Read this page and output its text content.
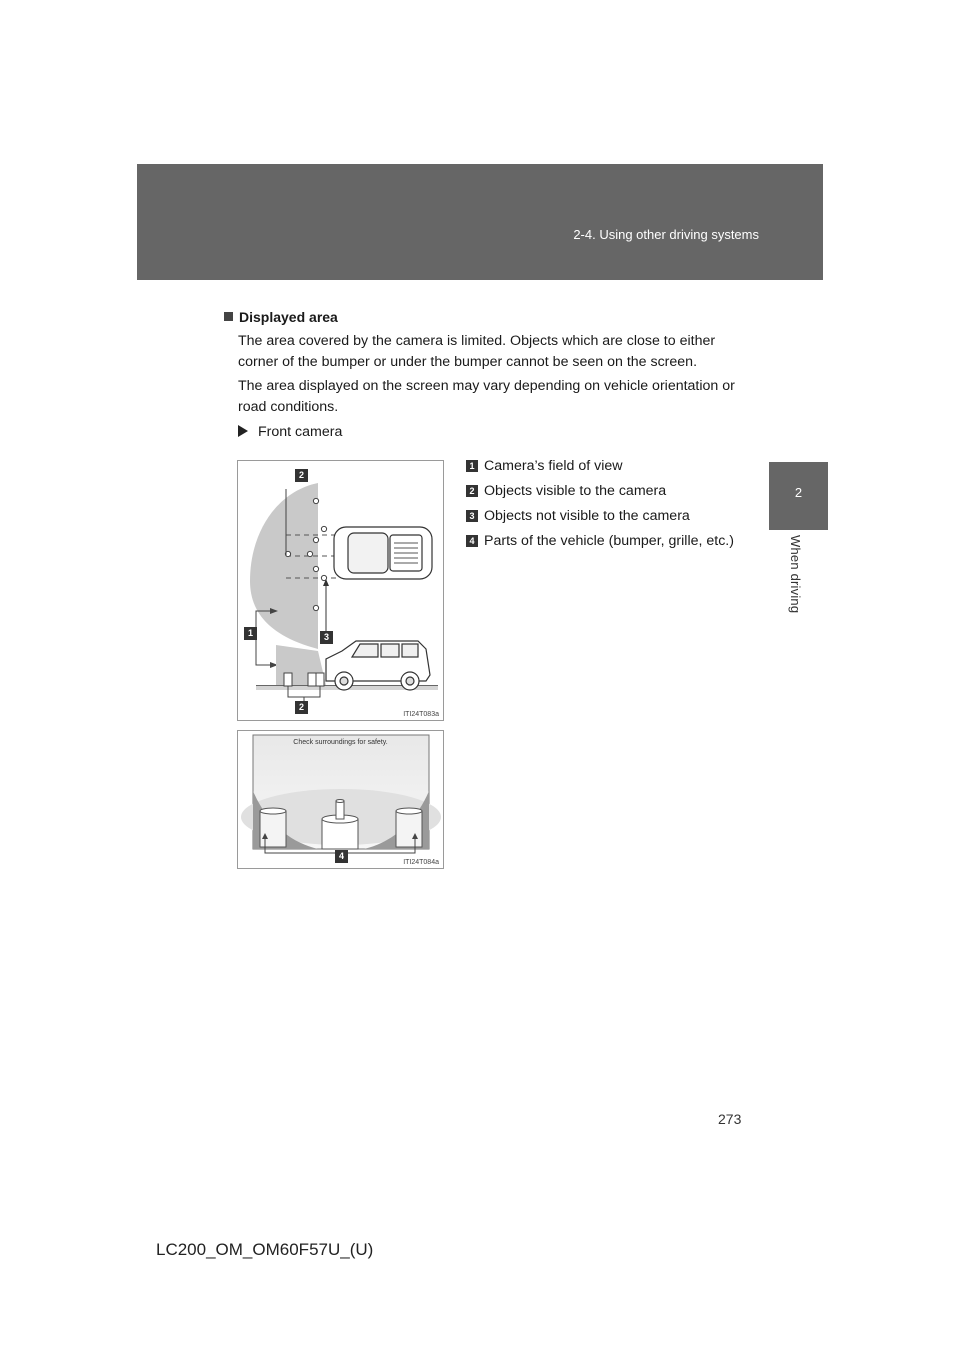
2-4. Using other driving systems
2
When driving
Displayed area
The area covered by the camera is limited. Objects which are close to either corner of the bumper or under the bumper cannot be seen on the screen.
The area displayed on the screen may vary depending on vehicle orientation or road conditions.
Front camera
2
1	3
2
ITI24T083a
Check surroundings for safety.
4
ITI24T084a
1 Camera’s field of view
2 Objects visible to the camera
3 Objects not visible to the camera
4 Parts of the vehicle (bumper, grille, etc.)
273
LC200_OM_OM60F57U_(U)
